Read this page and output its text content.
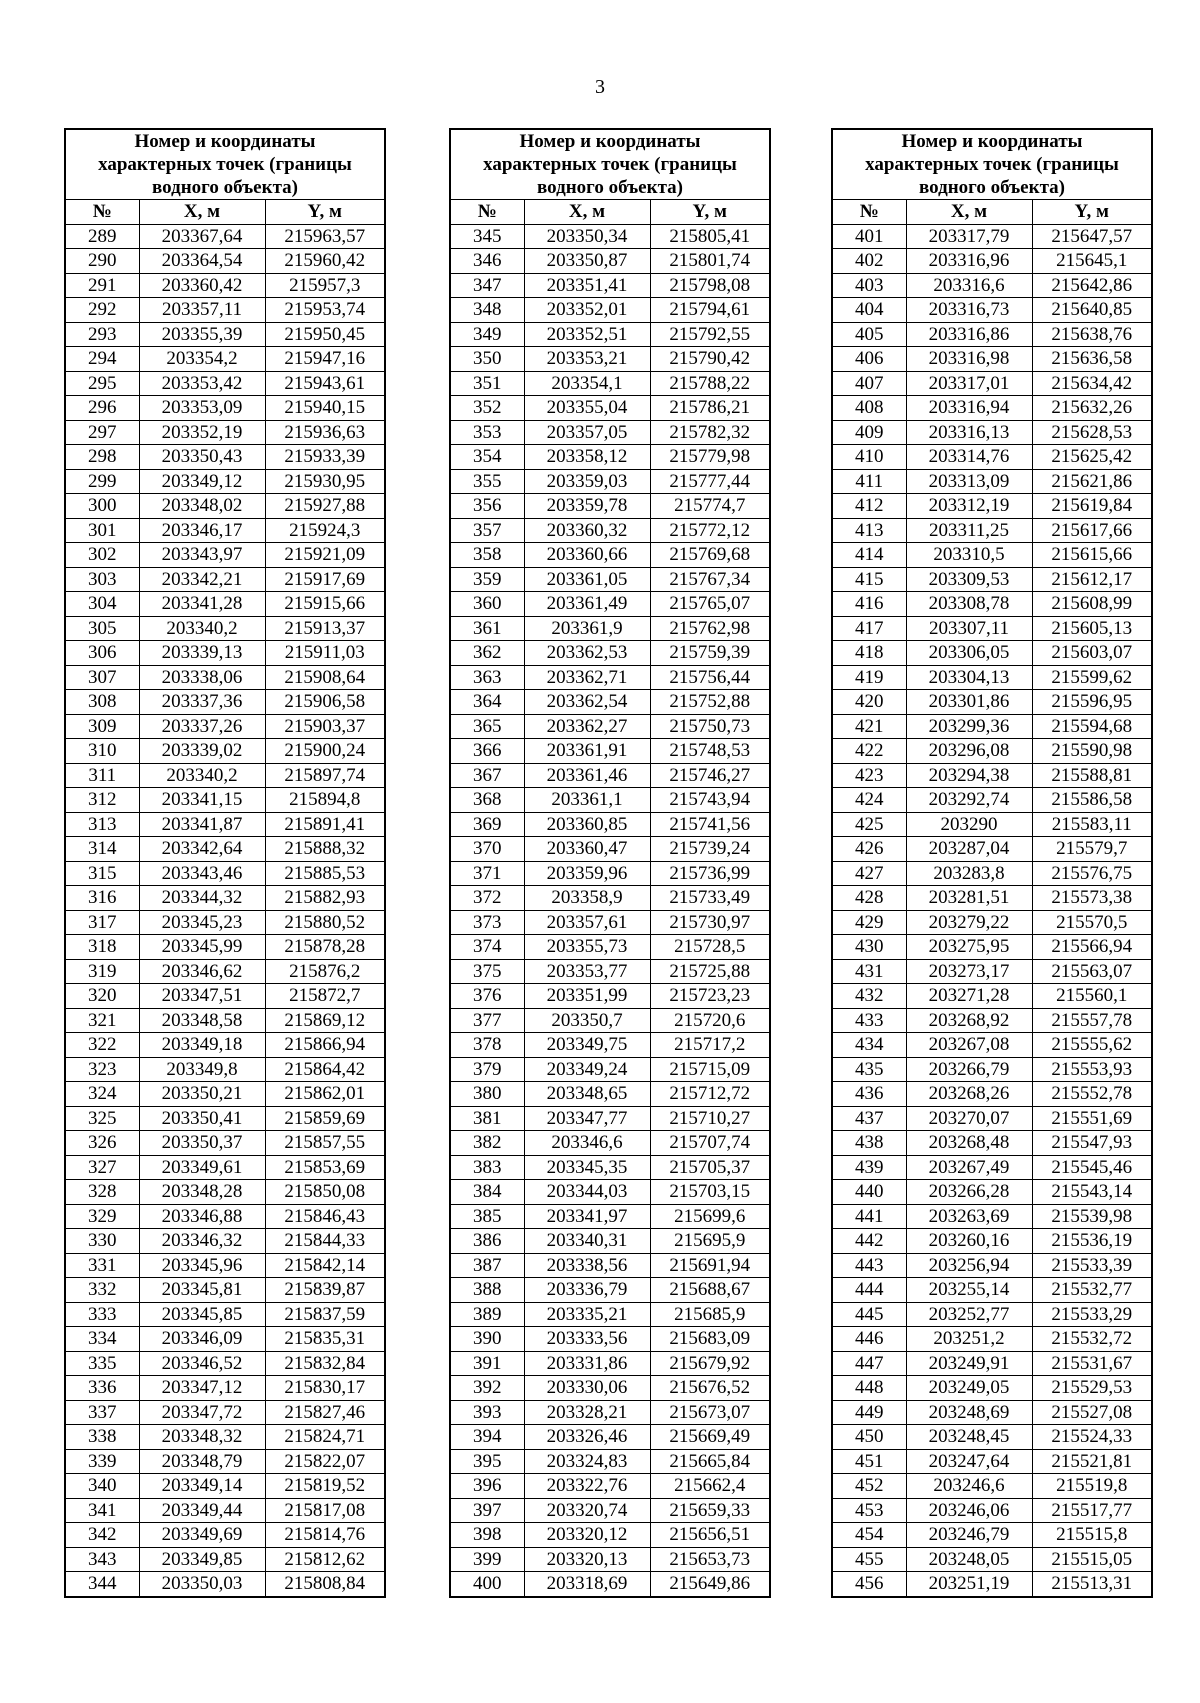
3
Номер и координаты
характерных точек (границы
водного объекта)		

№	X, м	Y, м
289	203367,64	215963,57
290	203364,54	215960,42
291	203360,42	215957,3
292	203357,11	215953,74
293	203355,39	215950,45
294	203354,2	215947,16
295	203353,42	215943,61
296	203353,09	215940,15
297	203352,19	215936,63
298	203350,43	215933,39
299	203349,12	215930,95
300	203348,02	215927,88
301	203346,17	215924,3
302	203343,97	215921,09
303	203342,21	215917,69
304	203341,28	215915,66
305	203340,2	215913,37
306	203339,13	215911,03
307	203338,06	215908,64
308	203337,36	215906,58
309	203337,26	215903,37
310	203339,02	215900,24
311	203340,2	215897,74
312	203341,15	215894,8
313	203341,87	215891,41
314	203342,64	215888,32
315	203343,46	215885,53
316	203344,32	215882,93
317	203345,23	215880,52
318	203345,99	215878,28
319	203346,62	215876,2
320	203347,51	215872,7
321	203348,58	215869,12
322	203349,18	215866,94
323	203349,8	215864,42
324	203350,21	215862,01
325	203350,41	215859,69
326	203350,37	215857,55
327	203349,61	215853,69
328	203348,28	215850,08
329	203346,88	215846,43
330	203346,32	215844,33
331	203345,96	215842,14
332	203345,81	215839,87
333	203345,85	215837,59
334	203346,09	215835,31
335	203346,52	215832,84
336	203347,12	215830,17
337	203347,72	215827,46
338	203348,32	215824,71
339	203348,79	215822,07
340	203349,14	215819,52
341	203349,44	215817,08
342	203349,69	215814,76
343	203349,85	215812,62
344	203350,03	215808,84
Номер и координаты
характерных точек (границы
водного объекта)		

№	X, м	Y, м
345	203350,34	215805,41
346	203350,87	215801,74
347	203351,41	215798,08
348	203352,01	215794,61
349	203352,51	215792,55
350	203353,21	215790,42
351	203354,1	215788,22
352	203355,04	215786,21
353	203357,05	215782,32
354	203358,12	215779,98
355	203359,03	215777,44
356	203359,78	215774,7
357	203360,32	215772,12
358	203360,66	215769,68
359	203361,05	215767,34
360	203361,49	215765,07
361	203361,9	215762,98
362	203362,53	215759,39
363	203362,71	215756,44
364	203362,54	215752,88
365	203362,27	215750,73
366	203361,91	215748,53
367	203361,46	215746,27
368	203361,1	215743,94
369	203360,85	215741,56
370	203360,47	215739,24
371	203359,96	215736,99
372	203358,9	215733,49
373	203357,61	215730,97
374	203355,73	215728,5
375	203353,77	215725,88
376	203351,99	215723,23
377	203350,7	215720,6
378	203349,75	215717,2
379	203349,24	215715,09
380	203348,65	215712,72
381	203347,77	215710,27
382	203346,6	215707,74
383	203345,35	215705,37
384	203344,03	215703,15
385	203341,97	215699,6
386	203340,31	215695,9
387	203338,56	215691,94
388	203336,79	215688,67
389	203335,21	215685,9
390	203333,56	215683,09
391	203331,86	215679,92
392	203330,06	215676,52
393	203328,21	215673,07
394	203326,46	215669,49
395	203324,83	215665,84
396	203322,76	215662,4
397	203320,74	215659,33
398	203320,12	215656,51
399	203320,13	215653,73
400	203318,69	215649,86
Номер и координаты
характерных точек (границы
водного объекта)		

№	X, м	Y, м
401	203317,79	215647,57
402	203316,96	215645,1
403	203316,6	215642,86
404	203316,73	215640,85
405	203316,86	215638,76
406	203316,98	215636,58
407	203317,01	215634,42
408	203316,94	215632,26
409	203316,13	215628,53
410	203314,76	215625,42
411	203313,09	215621,86
412	203312,19	215619,84
413	203311,25	215617,66
414	203310,5	215615,66
415	203309,53	215612,17
416	203308,78	215608,99
417	203307,11	215605,13
418	203306,05	215603,07
419	203304,13	215599,62
420	203301,86	215596,95
421	203299,36	215594,68
422	203296,08	215590,98
423	203294,38	215588,81
424	203292,74	215586,58
425	203290	215583,11
426	203287,04	215579,7
427	203283,8	215576,75
428	203281,51	215573,38
429	203279,22	215570,5
430	203275,95	215566,94
431	203273,17	215563,07
432	203271,28	215560,1
433	203268,92	215557,78
434	203267,08	215555,62
435	203266,79	215553,93
436	203268,26	215552,78
437	203270,07	215551,69
438	203268,48	215547,93
439	203267,49	215545,46
440	203266,28	215543,14
441	203263,69	215539,98
442	203260,16	215536,19
443	203256,94	215533,39
444	203255,14	215532,77
445	203252,77	215533,29
446	203251,2	215532,72
447	203249,91	215531,67
448	203249,05	215529,53
449	203248,69	215527,08
450	203248,45	215524,33
451	203247,64	215521,81
452	203246,6	215519,8
453	203246,06	215517,77
454	203246,79	215515,8
455	203248,05	215515,05
456	203251,19	215513,31
